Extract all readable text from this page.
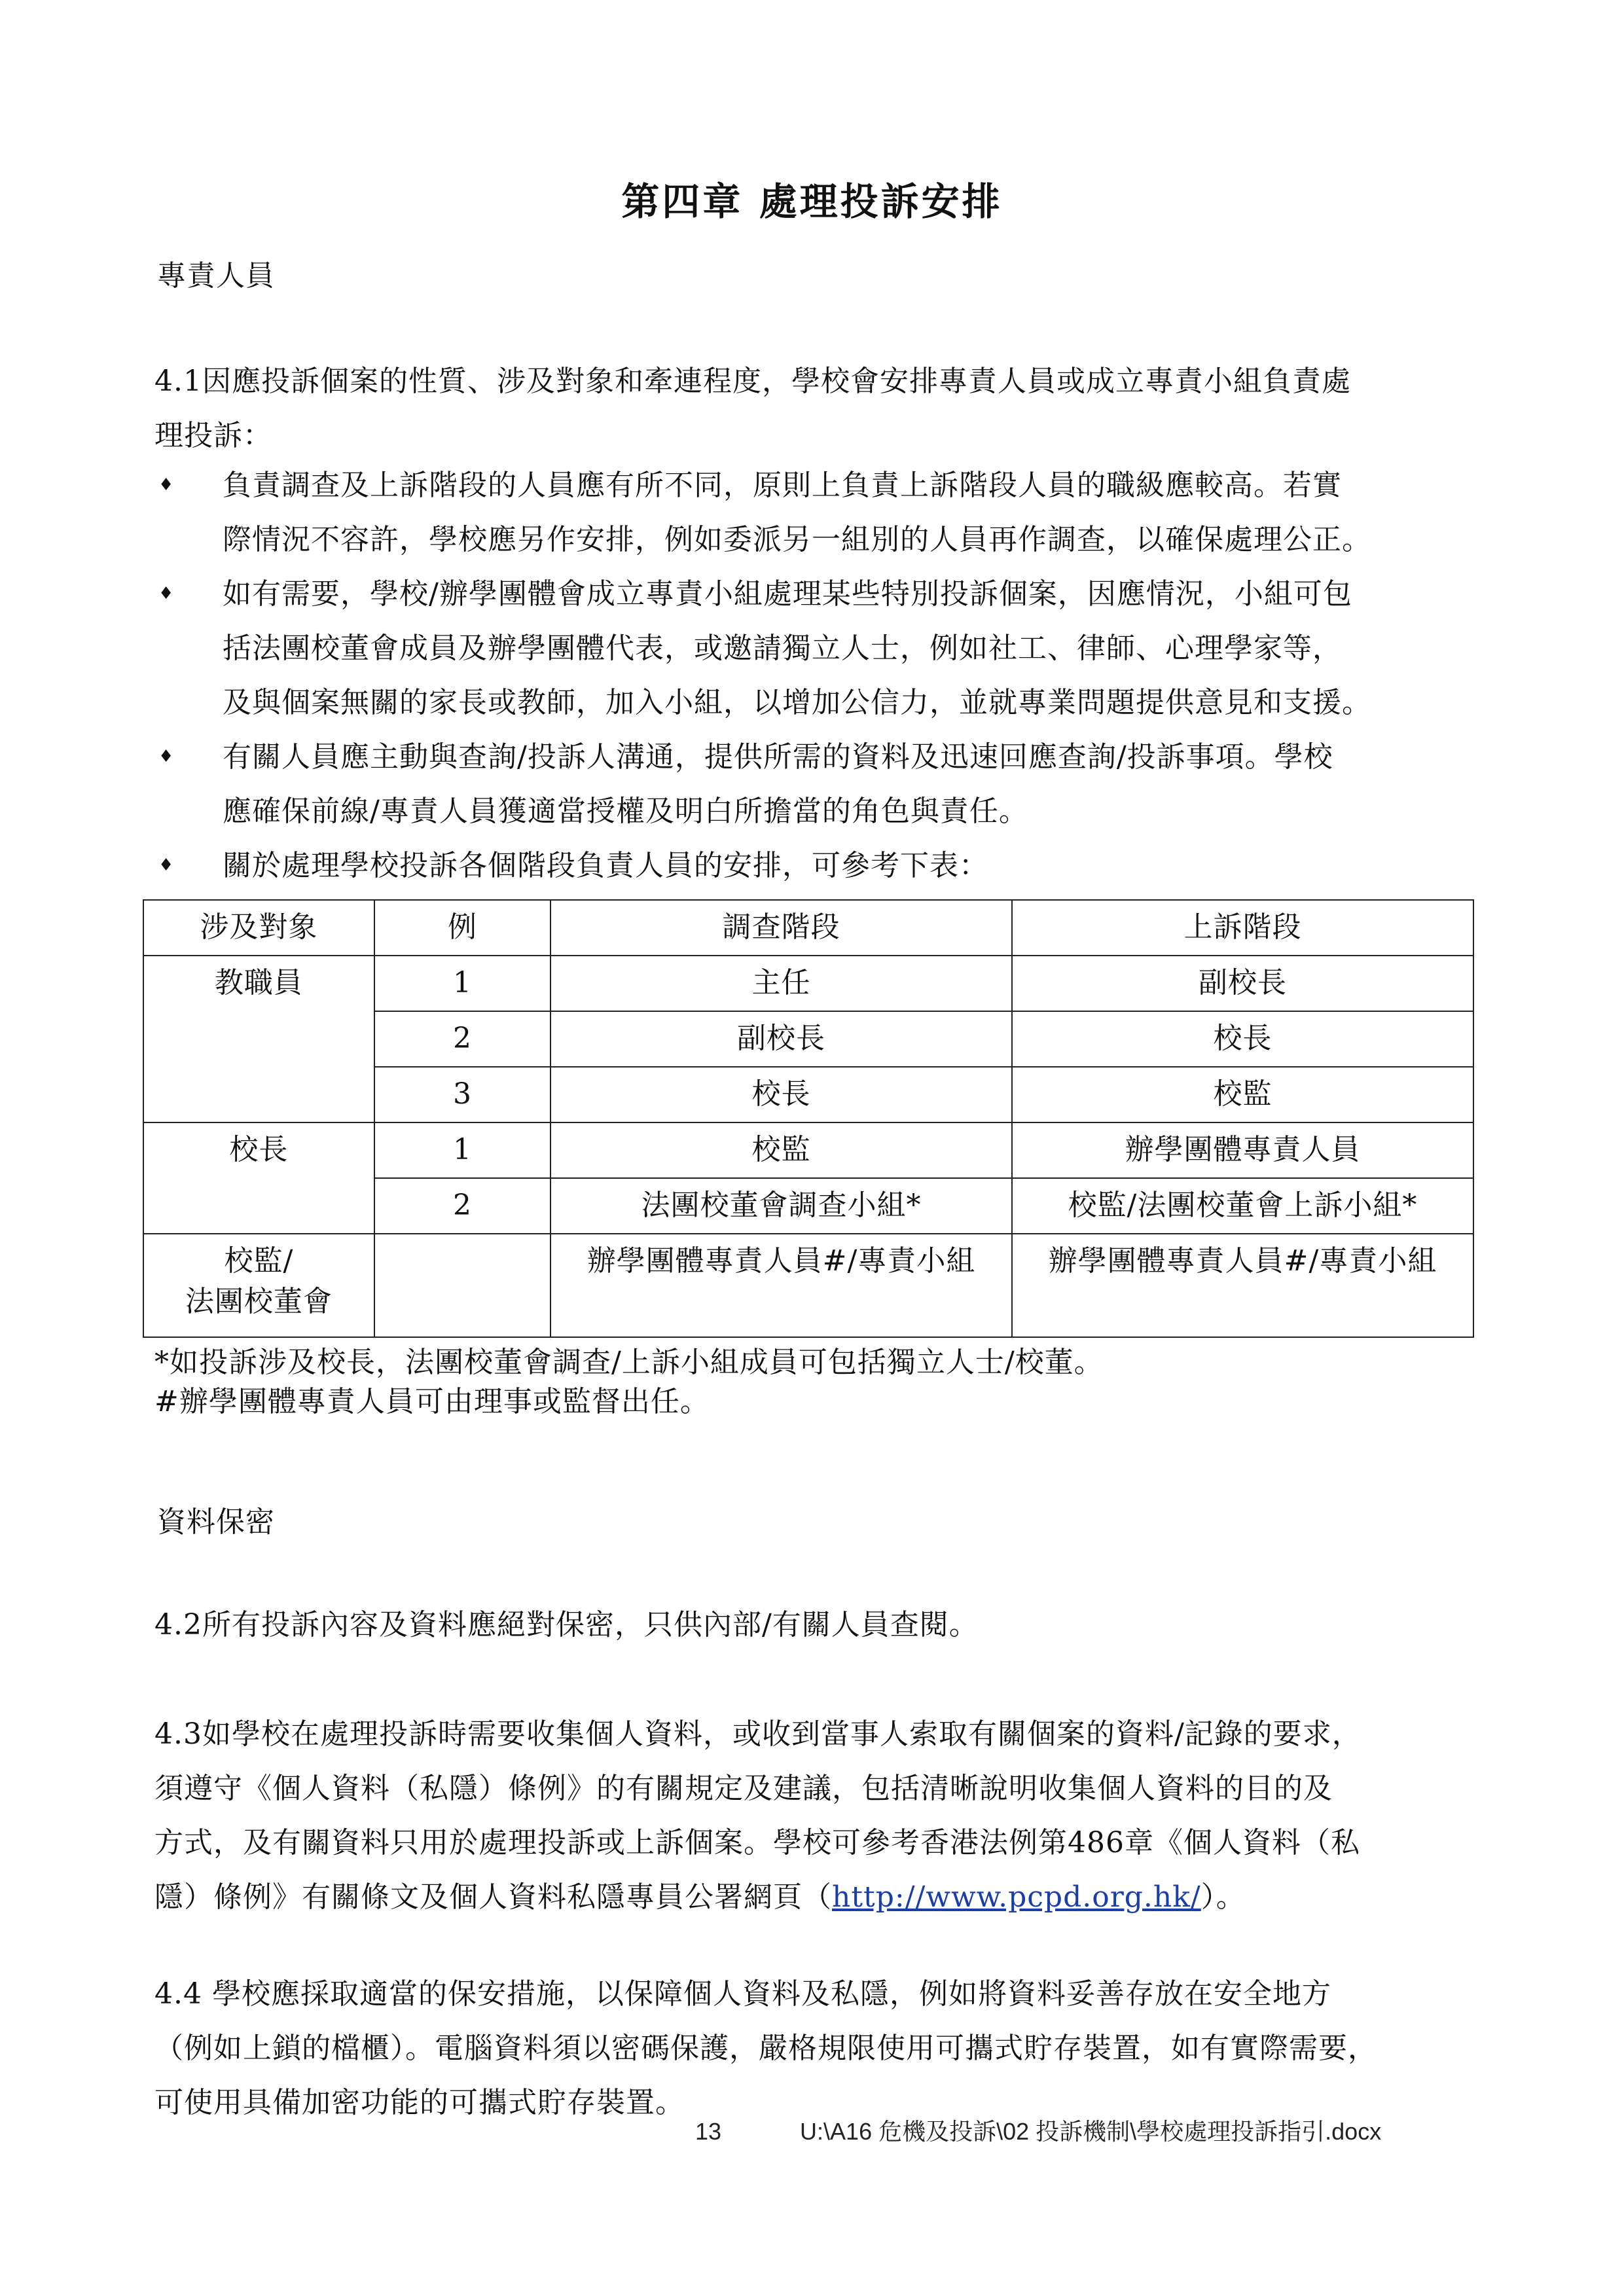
第四章 處理投訴安排
專責人員
4.1因應投訴個案的性質、涉及對象和牽連程度，學校會安排專責人員或成立專責小組負責處
理投訴：
♦ 負責調查及上訴階段的人員應有所不同，原則上負責上訴階段人員的職級應較高。若實
際情況不容許，學校應另作安排，例如委派另一組別的人員再作調查，以確保處理公正。
♦ 如有需要，學校/辦學團體會成立專責小組處理某些特別投訴個案，因應情況，小組可包
括法團校董會成員及辦學團體代表，或邀請獨立人士，例如社工、律師、心理學家等，
及與個案無關的家長或教師，加入小組，以增加公信力，並就專業問題提供意見和支援。
♦ 有關人員應主動與查詢/投訴人溝通，提供所需的資料及迅速回應查詢/投訴事項。學校
應確保前線/專責人員獲適當授權及明白所擔當的角色與責任。
♦ 關於處理學校投訴各個階段負責人員的安排，可參考下表：
涉及對象	例	調查階段	上訴階段
教職員	1	主任	副校長
	2	副校長	校長
	3	校長	校監
校長	1	校監	辦學團體專責人員
	2	法團校董會調查小組*	校監/法團校董會上訴小組*

校監/
法團校董會		辦學團體專責人員#/專責小組	辦學團體專責人員#/專責小組
*如投訴涉及校長，法團校董會調查/上訴小組成員可包括獨立人士/校董。
#辦學團體專責人員可由理事或監督出任。
資料保密
4.2所有投訴內容及資料應絕對保密，只供內部/有關人員查閱。
4.3如學校在處理投訴時需要收集個人資料，或收到當事人索取有關個案的資料/記錄的要求，
須遵守《個人資料（私隱）條例》的有關規定及建議，包括清晰說明收集個人資料的目的及
方式，及有關資料只用於處理投訴或上訴個案。學校可參考香港法例第486章《個人資料（私
隱）條例》有關條文及個人資料私隱專員公署網頁（http://www.pcpd.org.hk/）。
4.4 學校應採取適當的保安措施，以保障個人資料及私隱，例如將資料妥善存放在安全地方
（例如上鎖的檔櫃）。電腦資料須以密碼保護，嚴格規限使用可攜式貯存裝置，如有實際需要，
可使用具備加密功能的可攜式貯存裝置。
13	U:\A16 危機及投訴\02 投訴機制\學校處理投訴指引.docx
